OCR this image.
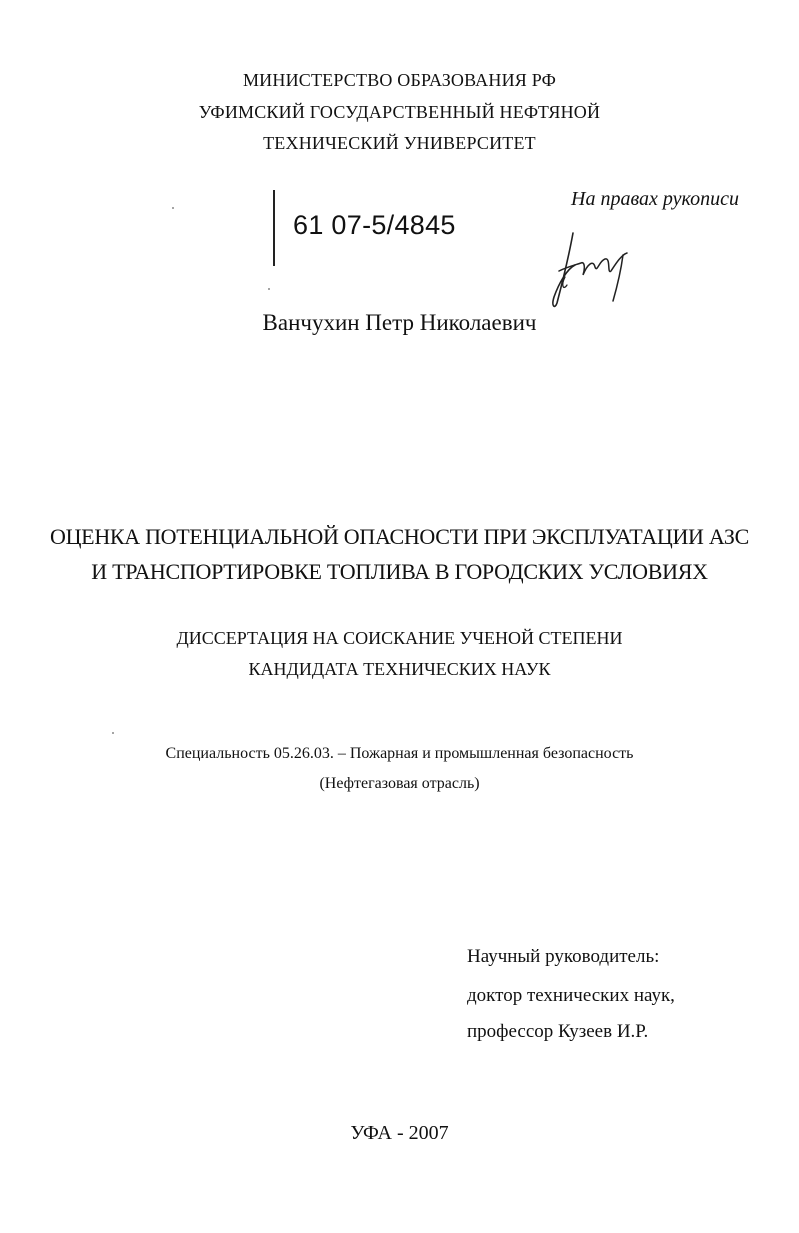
МИНИСТЕРСТВО ОБРАЗОВАНИЯ РФ
УФИМСКИЙ ГОСУДАРСТВЕННЫЙ НЕФТЯНОЙ
ТЕХНИЧЕСКИЙ УНИВЕРСИТЕТ
61 07-5/4845
На правах рукописи
Ванчухин Петр Николаевич
ОЦЕНКА ПОТЕНЦИАЛЬНОЙ ОПАСНОСТИ ПРИ ЭКСПЛУАТАЦИИ АЗС
И ТРАНСПОРТИРОВКЕ ТОПЛИВА В ГОРОДСКИХ УСЛОВИЯХ
ДИССЕРТАЦИЯ НА СОИСКАНИЕ УЧЕНОЙ СТЕПЕНИ
КАНДИДАТА ТЕХНИЧЕСКИХ НАУК
Специальность 05.26.03. – Пожарная и промышленная безопасность
(Нефтегазовая отрасль)
Научный руководитель:
доктор технических наук,
профессор Кузеев И.Р.
УФА - 2007
